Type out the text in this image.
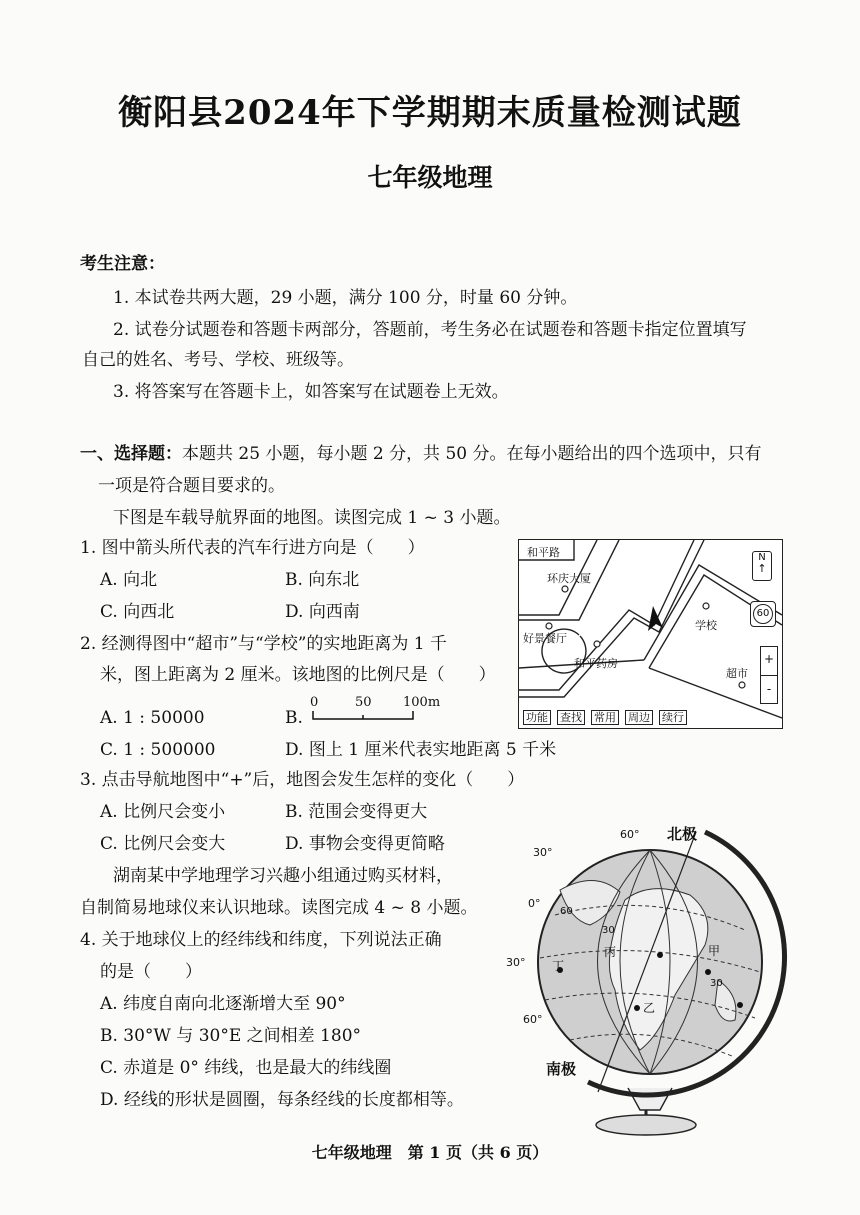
衡阳县2024年下学期期末质量检测试题
七年级地理
考生注意：
1. 本试卷共两大题，29 小题，满分 100 分，时量 60 分钟。
2. 试卷分试题卷和答题卡两部分，答题前，考生务必在试题卷和答题卡指定位置填写
自己的姓名、考号、学校、班级等。
3. 将答案写在答题卡上，如答案写在试题卷上无效。
一、选择题：本题共 25 小题，每小题 2 分，共 50 分。在每小题给出的四个选项中，只有
一项是符合题目要求的。
下图是车载导航界面的地图。读图完成 1 ~ 3 小题。
1. 图中箭头所代表的汽车行进方向是（　　）
A. 向北	B. 向东北
C. 向西北	D. 向西南
2. 经测得图中“超市”与“学校”的实地距离为 1 千
米，图上距离为 2 厘米。该地图的比例尺是（　　）
A. 1 : 50000	B.
0	50 100m
C. 1 : 500000	D. 图上 1 厘米代表实地距离 5 千米
3. 点击导航地图中“+”后，地图会发生怎样的变化（　　）
A. 比例尺会变小	B. 范围会变得更大
C. 比例尺会变大	D. 事物会变得更简略
湖南某中学地理学习兴趣小组通过购买材料，
自制简易地球仪来认识地球。读图完成 4 ~ 8 小题。
4. 关于地球仪上的经纬线和纬度，下列说法正确
的是（　　）
A. 纬度自南向北逐渐增大至 90°
B. 30°W 与 30°E 之间相差 180°
C. 赤道是 0° 纬线，也是最大的纬线圈
D. 经线的形状是圆圈，每条经线的长度都相等。
和平路
环庆大厦
好景餐厅
和平药房
学校
超市
N
↑
60
+
-
功能 查找 常用 周边 续行
北极
南极
60°
30°
0°
30°
60°
60
30
30
丙	甲
丁
乙
七年级地理　第 1 页（共 6 页）
